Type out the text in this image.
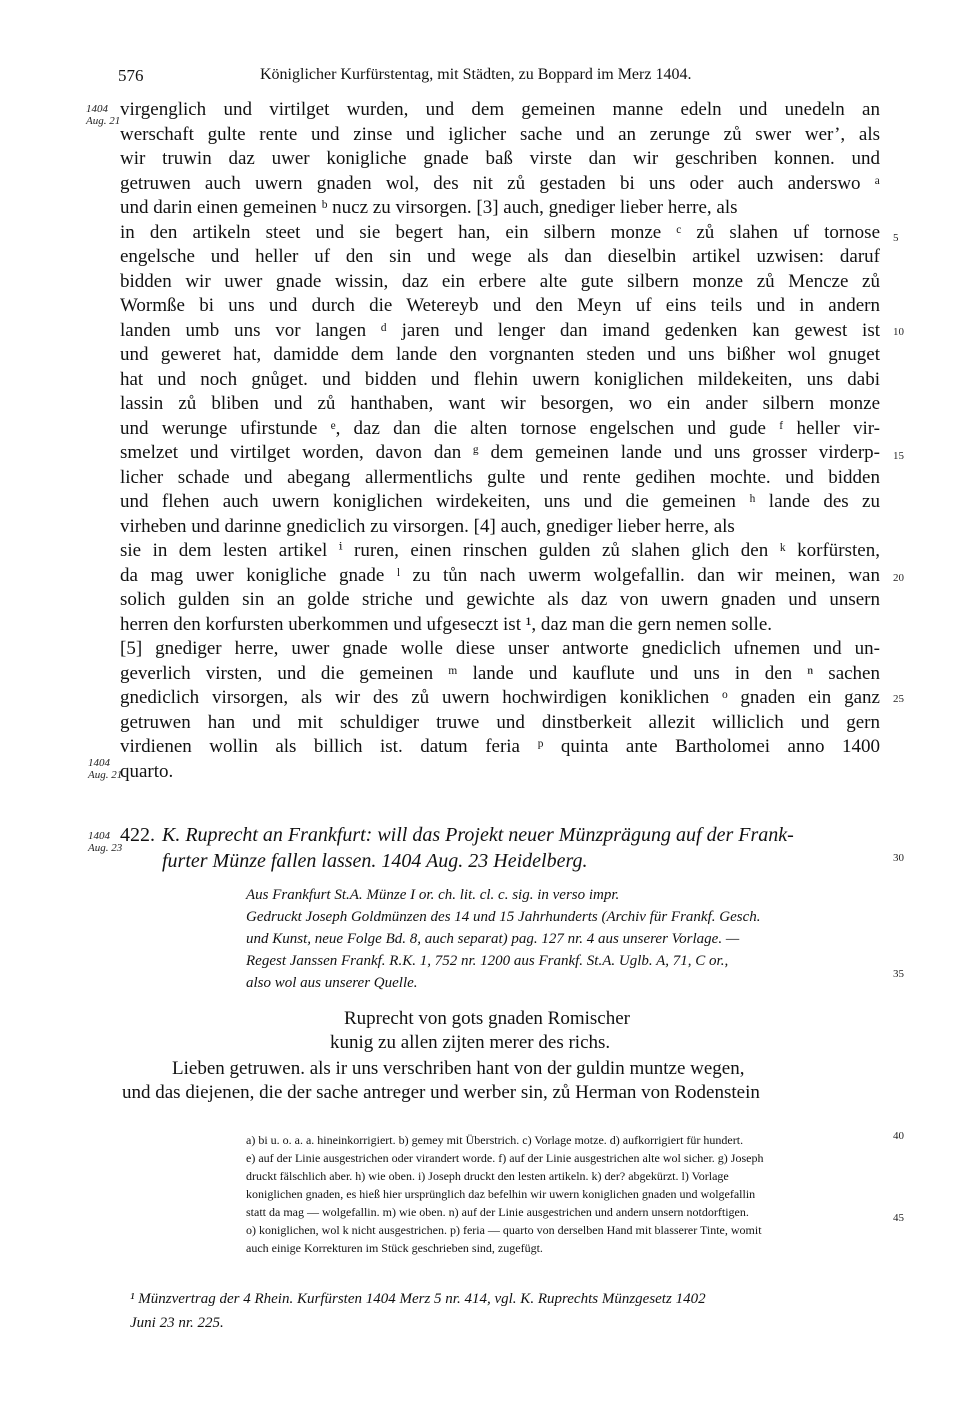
576	Königlicher Kurfürstentag, mit Städten, zu Boppard im Merz 1404.
1404
Aug. 21
virgenglich und virtilget wurden, und dem gemeinen manne edeln und unedeln an
werschaft gulte rente und zinse und iglicher sache und an zerunge zů swer wer’, als
wir truwin daz uwer konigliche gnade baß virste dan wir geschriben konnen. und
getruwen auch uwern gnaden wol, des nit zů gestaden bi uns oder auch anderswo ᵃ
und darin einen gemeinen ᵇ nucz zu virsorgen. [3] auch, gnediger lieber herre, als
in den artikeln steet und sie begert han, ein silbern monze ᶜ zů slahen uf tornose
engelsche und heller uf den sin und wege als dan dieselbin artikel uzwisen: daruf
bidden wir uwer gnade wissin, daz ein erbere alte gute silbern monze zů Mencze zů
Wormße bi uns und durch die Wetereyb und den Meyn uf eins teils und in andern
landen umb uns vor langen ᵈ jaren und lenger dan imand gedenken kan gewest ist
und geweret hat, damidde dem lande den vorgnanten steden und uns bißher wol gnuget
hat und noch gnůget. und bidden und flehin uwern koniglichen mildekeiten, uns dabi
lassin zů bliben und zů hanthaben, want wir besorgen, wo ein ander silbern monze
und werunge ufirstunde ᵉ, daz dan die alten tornose engelschen und gude ᶠ heller vir-
smelzet und virtilget worden, davon dan ᵍ dem gemeinen lande und uns grosser virderp-
licher schade und abegang allermentlichs gulte und rente gedihen mochte. und bidden
und flehen auch uwern koniglichen wirdekeiten, uns und die gemeinen ʰ lande des zu
virheben und darinne gnediclich zu virsorgen. [4] auch, gnediger lieber herre, als
sie in dem lesten artikel ⁱ ruren, einen rinschen gulden zů slahen glich den ᵏ korfürsten,
da mag uwer konigliche gnade ˡ zu tůn nach uwerm wolgefallin. dan wir meinen, wan
solich gulden sin an golde striche und gewichte als daz von uwern gnaden und unsern
herren den korfursten uberkommen und ufgeseczt ist ¹, daz man die gern nemen solle.
[5] gnediger herre, uwer gnade wolle diese unser antworte gnediclich ufnemen und un-
geverlich virsten, und die gemeinen ᵐ lande und kauflute und uns in den ⁿ sachen
gnediclich virsorgen, als wir des zů uwern hochwirdigen koniklichen ᵒ gnaden ein ganz
getruwen han und mit schuldiger truwe und dinstberkeit allezit williclich und gern
virdienen wollin als billich ist. datum feria ᵖ quinta ante Bartholomei anno 1400
quarto.
1404
Aug. 21
5
10
15
20
25
30
35
40
45
1404
Aug. 23
422. K. Ruprecht an Frankfurt: will das Projekt neuer Münzprägung auf der Frank-
furter Münze fallen lassen. 1404 Aug. 23 Heidelberg.
Aus Frankfurt St.A. Münze I or. ch. lit. cl. c. sig. in verso impr.
Gedruckt Joseph Goldmünzen des 14 und 15 Jahrhunderts (Archiv für Frankf. Gesch.
und Kunst, neue Folge Bd. 8, auch separat) pag. 127 nr. 4 aus unserer Vorlage. —
Regest Janssen Frankf. R.K. 1, 752 nr. 1200 aus Frankf. St.A. Uglb. A, 71, C or.,
also wol aus unserer Quelle.
Ruprecht von gots gnaden Romischer
kunig zu allen zijten merer des richs.
Lieben getruwen. als ir uns verschriben hant von der guldin muntze wegen,
und das diejenen, die der sache antreger und werber sin, zů Herman von Rodenstein
a) bi u. o. a. a. hineinkorrigiert. b) gemey mit Überstrich. c) Vorlage motze. d) aufkorrigiert für hundert.
e) auf der Linie ausgestrichen oder virandert worde. f) auf der Linie ausgestrichen alte wol sicher. g) Joseph
druckt fälschlich aber. h) wie oben. i) Joseph druckt den lesten artikeln. k) der? abgekürzt. l) Vorlage
koniglichen gnaden, es hieß hier ursprünglich daz befelhin wir uwern koniglichen gnaden und wolgefallin
statt da mag — wolgefallin. m) wie oben. n) auf der Linie ausgestrichen und andern unsern notdorftigen.
o) koniglichen, wol k nicht ausgestrichen. p) feria — quarto von derselben Hand mit blasserer Tinte, womit
auch einige Korrekturen im Stück geschrieben sind, zugefügt.
¹ Münzvertrag der 4 Rhein. Kurfürsten 1404 Merz 5 nr. 414, vgl. K. Ruprechts Münzgesetz 1402
Juni 23 nr. 225.
